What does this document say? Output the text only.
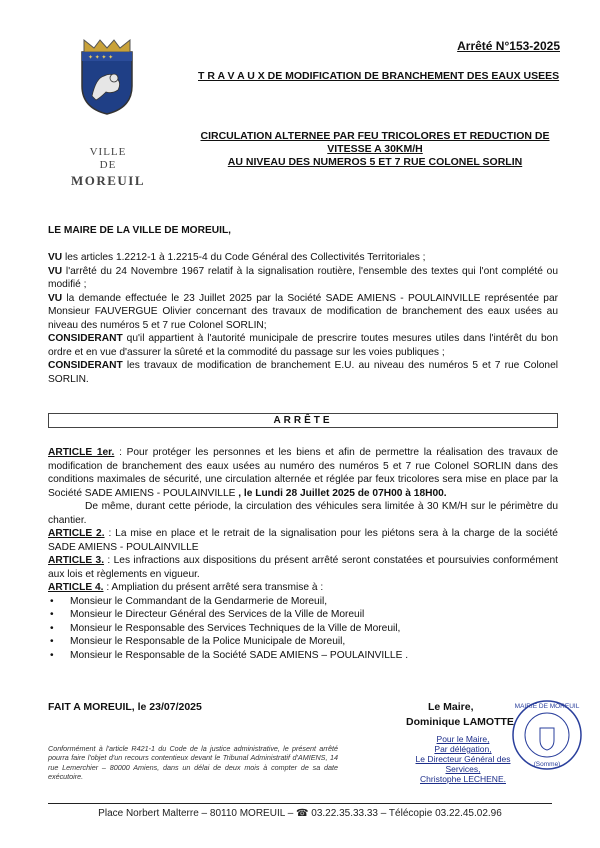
✦ ✦ ✦ ✦
VILLE
DE
MOREUIL
Arrêté N°153-2025
T R A V A U X DE MODIFICATION DE BRANCHEMENT DES EAUX USEES
CIRCULATION ALTERNEE PAR FEU TRICOLORES ET REDUCTION DE
VITESSE A 30KM/H
AU NIVEAU DES NUMEROS 5 ET 7 RUE COLONEL SORLIN
LE MAIRE DE LA VILLE DE MOREUIL,

VU les articles 1.2212-1 à 1.2215-4 du Code Général des Collectivités Territoriales ;

VU l'arrêté du 24 Novembre 1967 relatif à la signalisation routière, l'ensemble des textes qui l'ont complété ou modifié ;

VU la demande effectuée le 23 Juillet 2025 par la Société SADE AMIENS - POULAINVILLE représentée par Monsieur FAUVERGUE Olivier concernant des travaux de modification de branchement des eaux usées au niveau des numéros 5 et 7 rue Colonel SORLIN;

CONSIDERANT qu'il appartient à l'autorité municipale de prescrire toutes mesures utiles dans l'intérêt du bon ordre et en vue d'assurer la sûreté et la commodité du passage sur les voies publiques ;

CONSIDERANT les travaux de modification de branchement E.U. au niveau des numéros 5 et 7 rue Colonel SORLIN.

ARRÊTE

ARTICLE 1er. : Pour protéger les personnes et les biens et afin de permettre la réalisation des travaux de modification de branchement des eaux usées au numéro des numéros 5 et 7 rue Colonel SORLIN dans des conditions maximales de sécurité, une circulation alternée et réglée par feux tricolores sera mise en place par la Société SADE AMIENS - POULAINVILLE , le Lundi 28 Juillet 2025 de 07H00 à 18H00.

De même, durant cette période, la circulation des véhicules sera limitée à 30 KM/H sur le périmètre du chantier.

ARTICLE 2. : La mise en place et le retrait de la signalisation pour les piétons sera à la charge de la société SADE AMIENS - POULAINVILLE

ARTICLE 3. : Les infractions aux dispositions du présent arrêté seront constatées et poursuivies conformément aux lois et règlements en vigueur.

ARTICLE 4. : Ampliation du présent arrêté sera transmise à :

• Monsieur le Commandant de la Gendarmerie de Moreuil,
• Monsieur le Directeur Général des Services de la Ville de Moreuil
• Monsieur le Responsable des Services Techniques de la Ville de Moreuil,
• Monsieur le Responsable de la Police Municipale de Moreuil,
• Monsieur le Responsable de la Société SADE AMIENS – POULAINVILLE .
FAIT A MOREUIL, le 23/07/2025	Le Maire,
Dominique LAMOTTE
Conformément à l'article R421-1 du Code de la justice administrative, le présent arrêté pourra faire l'objet d'un recours contentieux devant le Tribunal Administratif d'AMIENS, 14 rue Lemerchier – 80000 Amiens, dans un délai de deux mois à compter de sa date exécutoire.
Pour le Maire,
Par délégation,
Le Directeur Général des Services,
Christophe LECHENE.
MAIRIE DE MOREUIL
(Somme)
Place Norbert Malterre – 80110 MOREUIL – ☎ 03.22.35.33.33 – Télécopie 03.22.45.02.96
